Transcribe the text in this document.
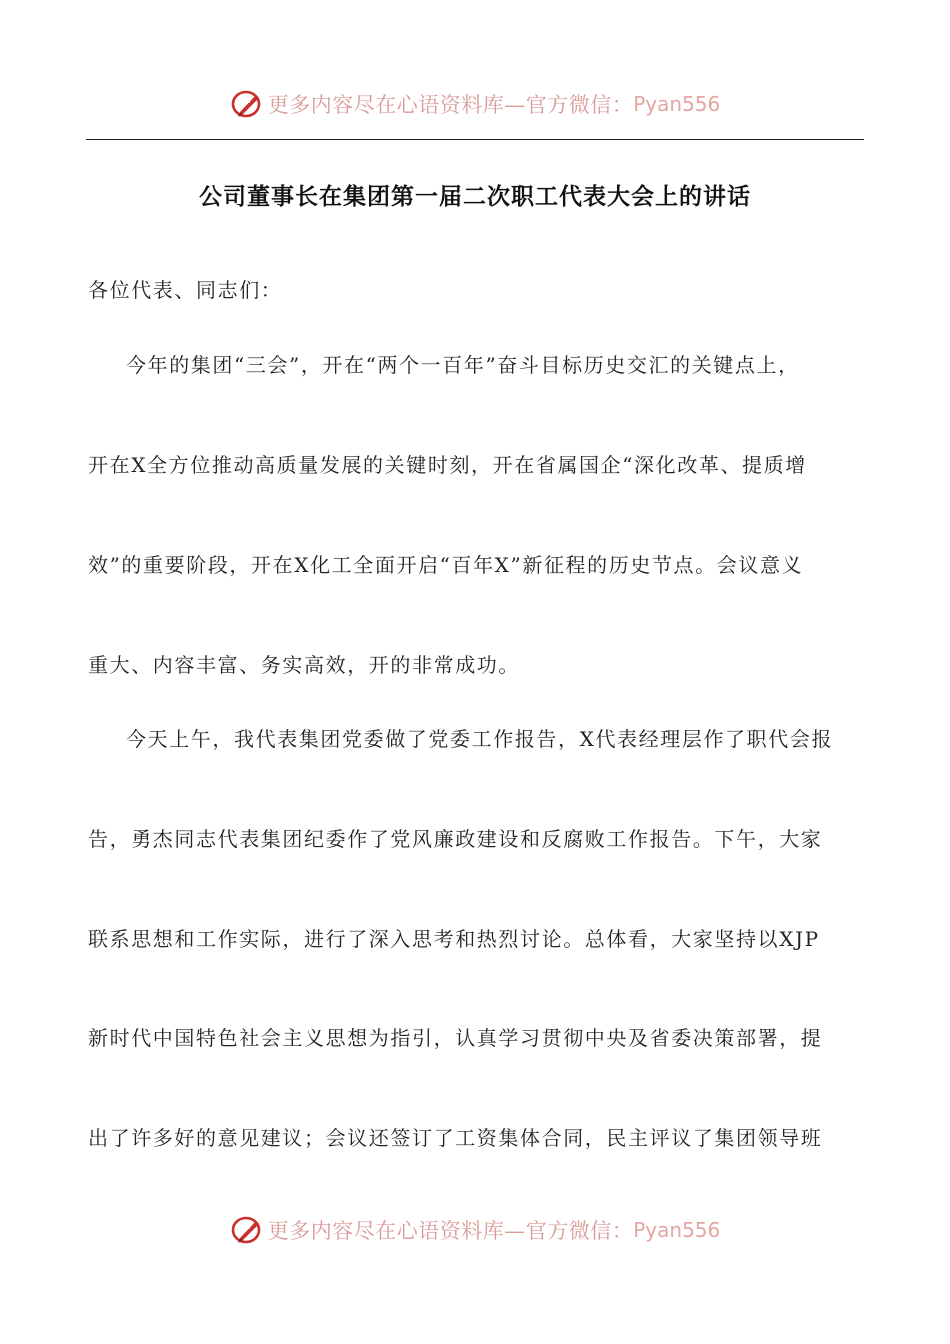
更多内容尽在心语资料库—官方微信： Pyan556
公司董事长在集团第一届二次职工代表大会上的讲话
各位代表、同志们：
今年的集团“三会”，开在“两个一百年”奋斗目标历史交汇的关键点上，
开在X全方位推动高质量发展的关键时刻，开在省属国企“深化改革、提质增
效”的重要阶段，开在X化工全面开启“百年X”新征程的历史节点。会议意义
重大、内容丰富、务实高效，开的非常成功。
今天上午，我代表集团党委做了党委工作报告，X代表经理层作了职代会报
告，勇杰同志代表集团纪委作了党风廉政建设和反腐败工作报告。下午，大家
联系思想和工作实际，进行了深入思考和热烈讨论。总体看，大家坚持以XJP
新时代中国特色社会主义思想为指引，认真学习贯彻中央及省委决策部署，提
出了许多好的意见建议；会议还签订了工资集体合同，民主评议了集团领导班
更多内容尽在心语资料库—官方微信： Pyan556
